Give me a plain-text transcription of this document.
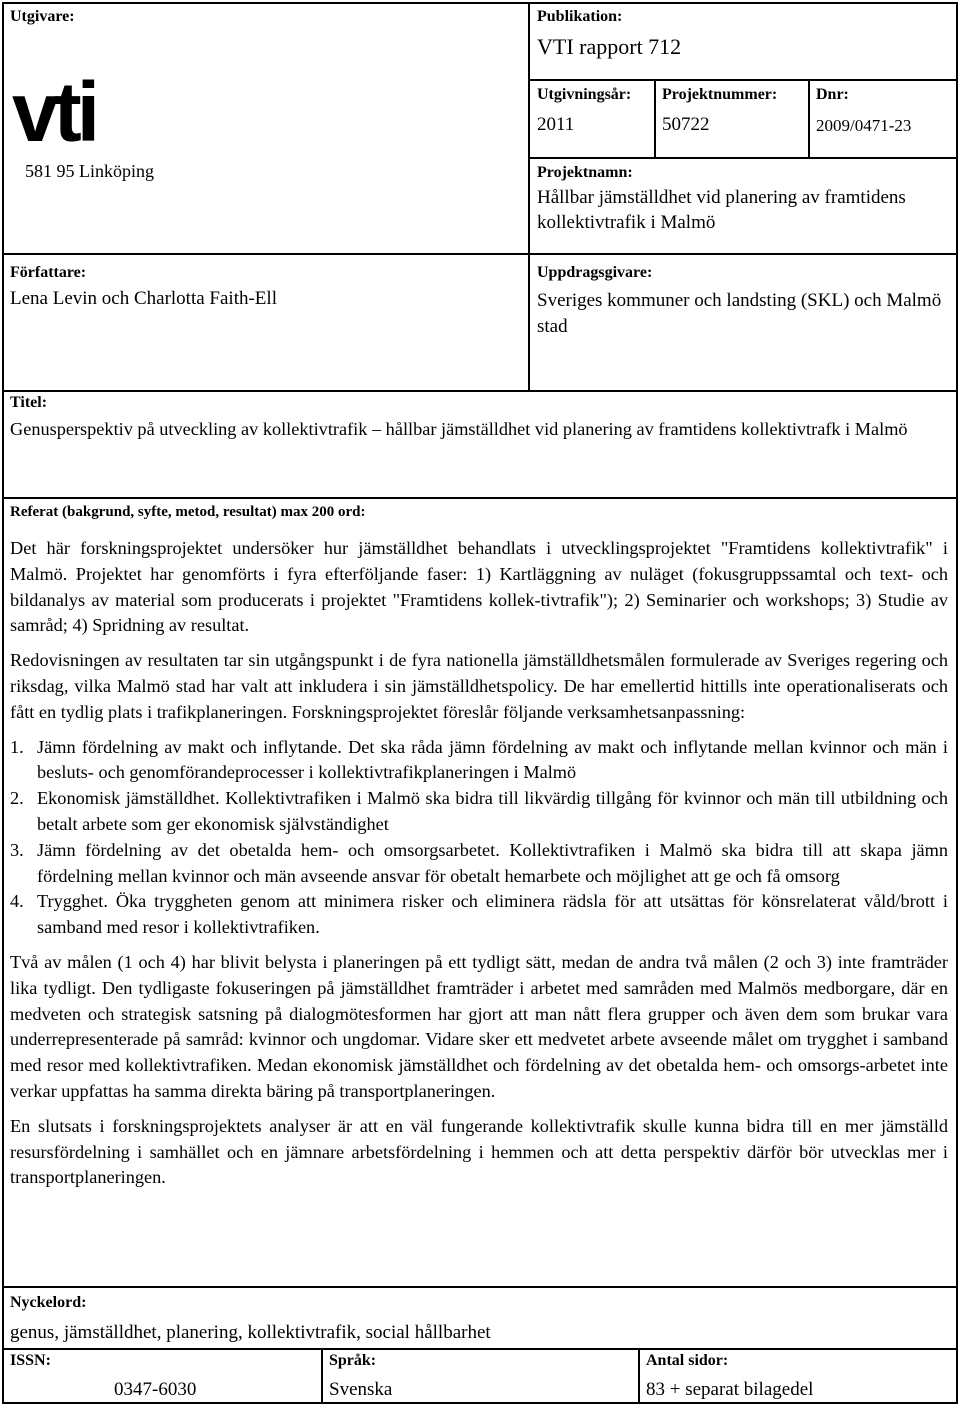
Utgivare:
vti
581 95 Linköping
Publikation:
VTI rapport 712
Utgivningsår:
2011
Projektnummer:
50722
Dnr:
2009/0471-23
Projektnamn:
Hållbar jämställdhet vid planering av framtidens kollektivtrafik i Malmö
Författare:
Lena Levin och Charlotta Faith-Ell
Uppdragsgivare:
Sveriges kommuner och landsting (SKL) och Malmö stad
Titel:
Genusperspektiv på utveckling av kollektivtrafik – hållbar jämställdhet vid planering av framtidens kollektivtrafk i Malmö
Referat (bakgrund, syfte, metod, resultat) max 200 ord:

Det här forskningsprojektet undersöker hur jämställdhet behandlats i utvecklingsprojektet "Framtidens kollektivtrafik" i Malmö. Projektet har genomförts i fyra efterföljande faser: 1) Kartläggning av nuläget (fokusgruppssamtal och text- och bildanalys av material som producerats i projektet "Framtidens kollek-tivtrafik"); 2) Seminarier och workshops; 3) Studie av samråd; 4) Spridning av resultat.

Redovisningen av resultaten tar sin utgångspunkt i de fyra nationella jämställdhetsmålen formulerade av Sveriges regering och riksdag, vilka Malmö stad har valt att inkludera i sin jämställdhetspolicy. De har emellertid hittills inte operationaliserats och fått en tydlig plats i trafikplaneringen. Forskningsprojektet föreslår följande verksamhetsanpassning:

1. Jämn fördelning av makt och inflytande. Det ska råda jämn fördelning av makt och inflytande mellan kvinnor och män i besluts- och genomförandeprocesser i kollektivtrafikplaneringen i Malmö
2. Ekonomisk jämställdhet. Kollektivtrafiken i Malmö ska bidra till likvärdig tillgång för kvinnor och män till utbildning och betalt arbete som ger ekonomisk självständighet
3. Jämn fördelning av det obetalda hem- och omsorgsarbetet. Kollektivtrafiken i Malmö ska bidra till att skapa jämn fördelning mellan kvinnor och män avseende ansvar för obetalt hemarbete och möjlighet att ge och få omsorg
4. Trygghet. Öka tryggheten genom att minimera risker och eliminera rädsla för att utsättas för könsrelaterat våld/brott i samband med resor i kollektivtrafiken.

Två av målen (1 och 4) har blivit belysta i planeringen på ett tydligt sätt, medan de andra två målen (2 och 3) inte framträder lika tydligt. Den tydligaste fokuseringen på jämställdhet framträder i arbetet med samråden med Malmös medborgare, där en medveten och strategisk satsning på dialogmötesformen har gjort att man nått flera grupper och även dem som brukar vara underrepresenterade på samråd: kvinnor och ungdomar. Vidare sker ett medvetet arbete avseende målet om trygghet i samband med resor med kollektivtrafiken. Medan ekonomisk jämställdhet och fördelning av det obetalda hem- och omsorgs-arbetet inte verkar uppfattas ha samma direkta bäring på transportplaneringen.

En slutsats i forskningsprojektets analyser är att en väl fungerande kollektivtrafik skulle kunna bidra till en mer jämställd resursfördelning i samhället och en jämnare arbetsfördelning i hemmen och att detta perspektiv därför bör utvecklas mer i transportplaneringen.

Nyckelord:
genus, jämställdhet, planering, kollektivtrafik, social hållbarhet
ISSN:
0347-6030
Språk:
Svenska
Antal sidor:
83 + separat bilagedel
